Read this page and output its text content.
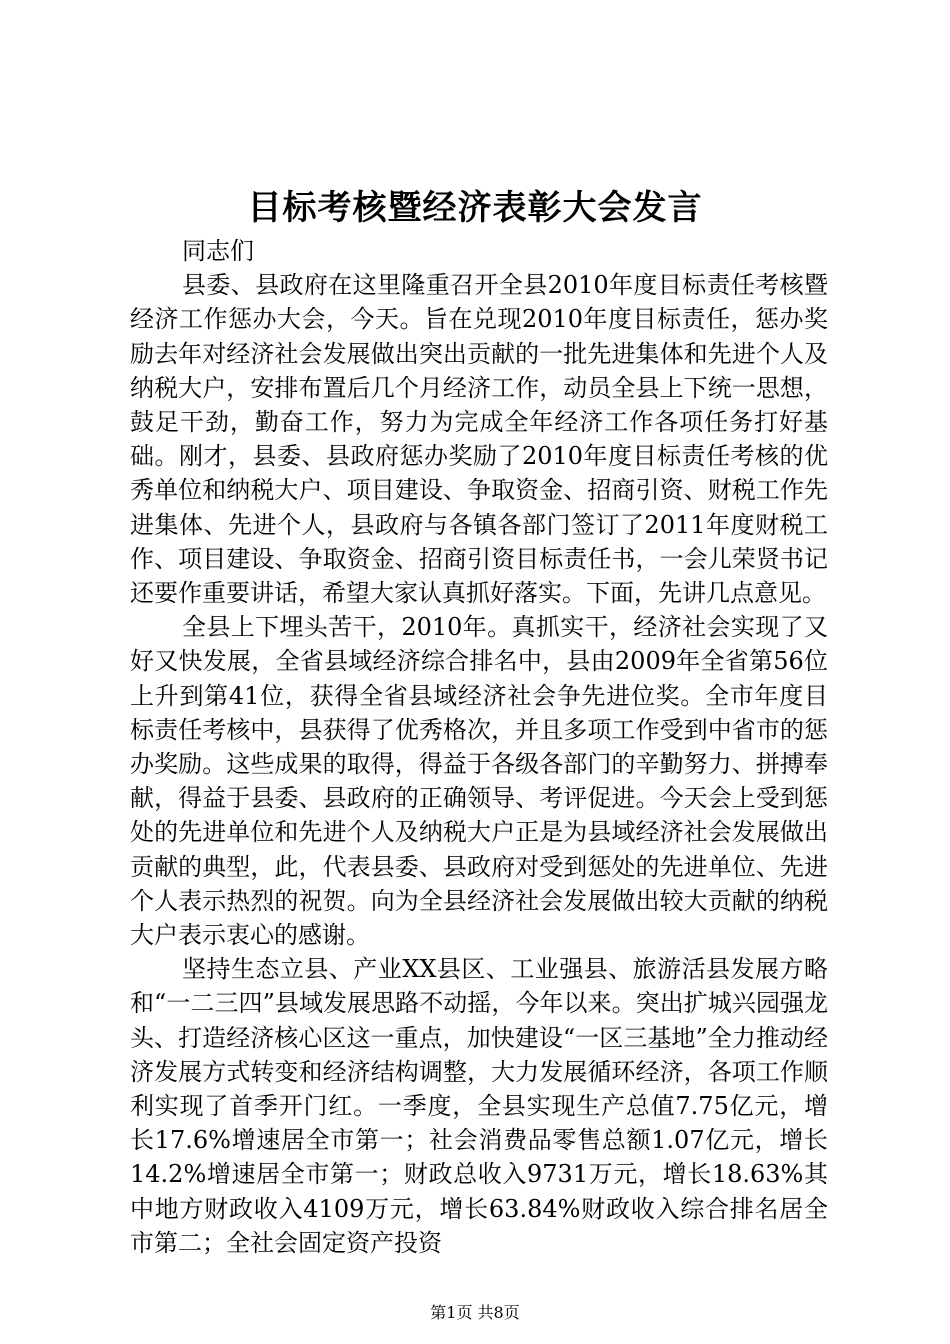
目标考核暨经济表彰大会发言

同志们

县委、县政府在这里隆重召开全县2010年度目标责任考核暨经济工作惩办大会，今天。旨在兑现2010年度目标责任，惩办奖励去年对经济社会发展做出突出贡献的一批先进集体和先进个人及纳税大户，安排布置后几个月经济工作，动员全县上下统一思想，鼓足干劲，勤奋工作，努力为完成全年经济工作各项任务打好基础。刚才，县委、县政府惩办奖励了2010年度目标责任考核的优秀单位和纳税大户、项目建设、争取资金、招商引资、财税工作先进集体、先进个人，县政府与各镇各部门签订了2011年度财税工作、项目建设、争取资金、招商引资目标责任书，一会儿荣贤书记还要作重要讲话，希望大家认真抓好落实。下面，先讲几点意见。

全县上下埋头苦干，2010年。真抓实干，经济社会实现了又好又快发展，全省县域经济综合排名中，县由2009年全省第56位上升到第41位，获得全省县域经济社会争先进位奖。全市年度目标责任考核中，县获得了优秀格次，并且多项工作受到中省市的惩办奖励。这些成果的取得，得益于各级各部门的辛勤努力、拼搏奉献，得益于县委、县政府的正确领导、考评促进。今天会上受到惩处的先进单位和先进个人及纳税大户正是为县域经济社会发展做出贡献的典型，此，代表县委、县政府对受到惩处的先进单位、先进个人表示热烈的祝贺。向为全县经济社会发展做出较大贡献的纳税大户表示衷心的感谢。

坚持生态立县、产业XX县区、工业强县、旅游活县发展方略和“一二三四”县域发展思路不动摇，今年以来。突出扩城兴园强龙头、打造经济核心区这一重点，加快建设“一区三基地”全力推动经济发展方式转变和经济结构调整，大力发展循环经济，各项工作顺利实现了首季开门红。一季度，全县实现生产总值7.75亿元，增长17.6%增速居全市第一；社会消费品零售总额1.07亿元，增长14.2%增速居全市第一；财政总收入9731万元，增长18.63%其中地方财政收入4109万元，增长63.84%财政收入综合排名居全市第二；全社会固定资产投资

第1页 共8页
